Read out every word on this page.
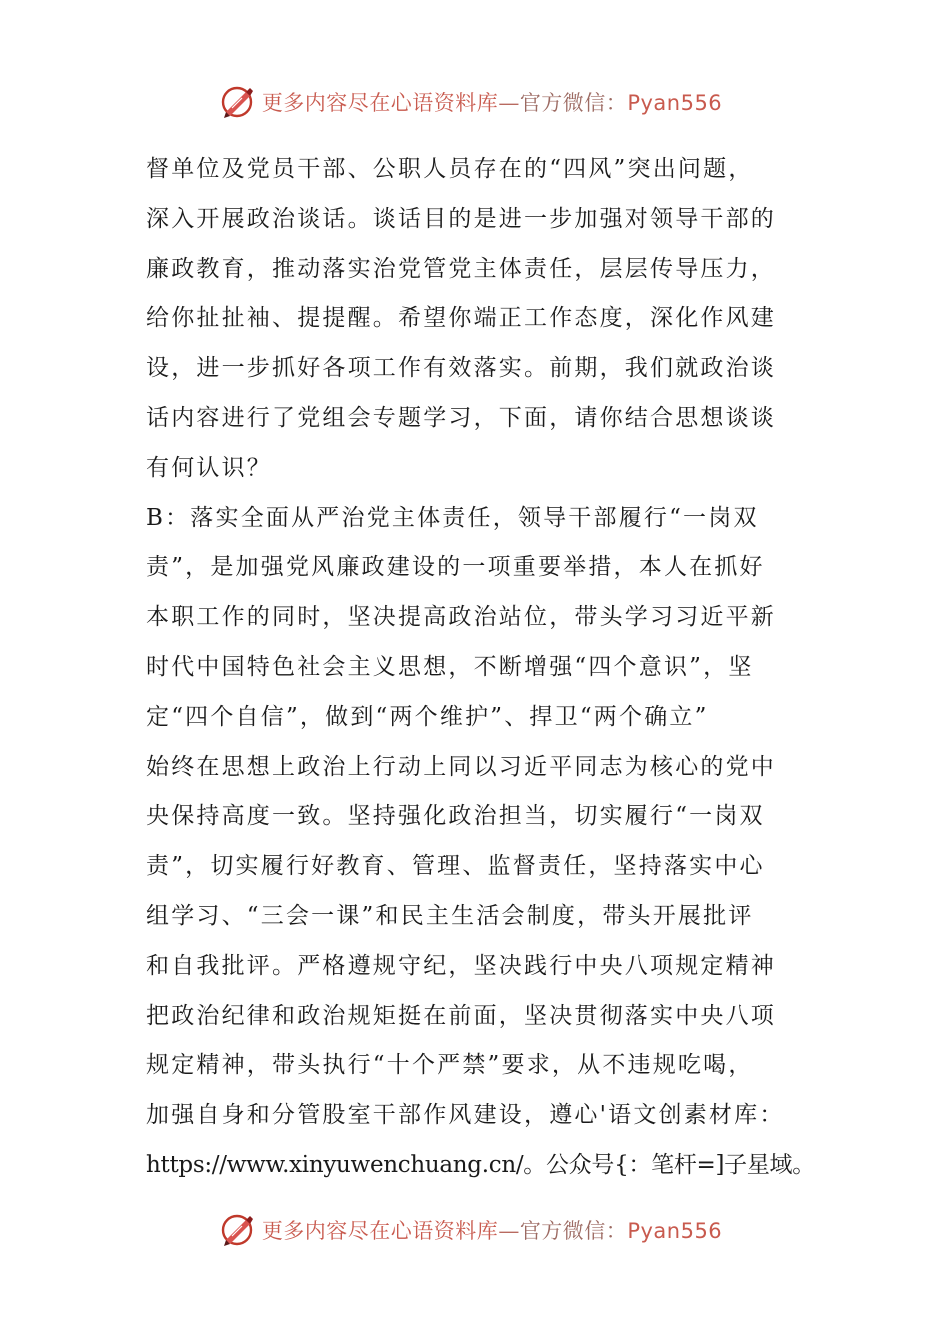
更多内容尽在心语资料库—官方微信：Pyan556
督单位及党员干部、公职人员存在的“四风”突出问题，
深入开展政治谈话。谈话目的是进一步加强对领导干部的
廉政教育，推动落实治党管党主体责任，层层传导压力，
给你扯扯袖、提提醒。希望你端正工作态度，深化作风建
设，进一步抓好各项工作有效落实。前期，我们就政治谈
话内容进行了党组会专题学习，下面，请你结合思想谈谈
有何认识？
B：落实全面从严治党主体责任，领导干部履行“一岗双
责”，是加强党风廉政建设的一项重要举措，本人在抓好
本职工作的同时，坚决提高政治站位，带头学习习近平新
时代中国特色社会主义思想，不断增强“四个意识”，坚
定“四个自信”，做到“两个维护”、捍卫“两个确立”
始终在思想上政治上行动上同以习近平同志为核心的党中
央保持高度一致。坚持强化政治担当，切实履行“一岗双
责”，切实履行好教育、管理、监督责任，坚持落实中心
组学习、“三会一课”和民主生活会制度，带头开展批评
和自我批评。严格遵规守纪，坚决践行中央八项规定精神
把政治纪律和政治规矩挺在前面，坚决贯彻落实中央八项
规定精神，带头执行“十个严禁”要求，从不违规吃喝，
加强自身和分管股室干部作风建设，遵心'语文创素材库：
https://www.xinyuwenchuang.cn/。公众号{：笔杆=]子星域。
更多内容尽在心语资料库—官方微信：Pyan556
